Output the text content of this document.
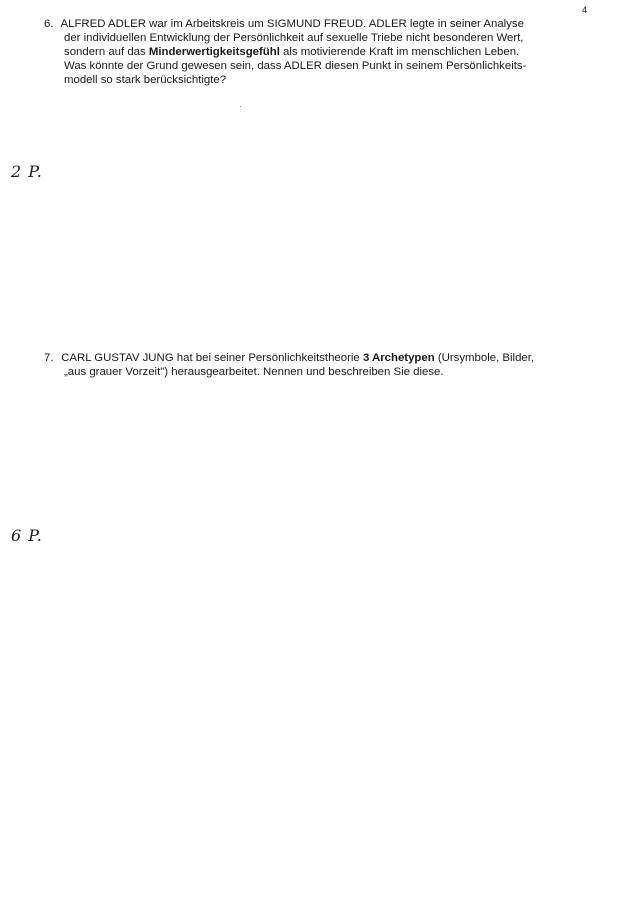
4
6. ALFRED ADLER war im Arbeitskreis um SIGMUND FREUD. ADLER legte in seiner Analyse
der individuellen Entwicklung der Persönlichkeit auf sexuelle Triebe nicht besonderen Wert,
sondern auf das Minderwertigkeitsgefühl als motivierende Kraft im menschlichen Leben.
Was könnte der Grund gewesen sein, dass ADLER diesen Punkt in seinem Persönlichkeits-
modell so stark berücksichtigte?
2 P.
7. CARL GUSTAV JUNG hat bei seiner Persönlichkeitstheorie 3 Archetypen (Ursymbole, Bilder,
„aus grauer Vorzeit") herausgearbeitet. Nennen und beschreiben Sie diese.
6 P.
